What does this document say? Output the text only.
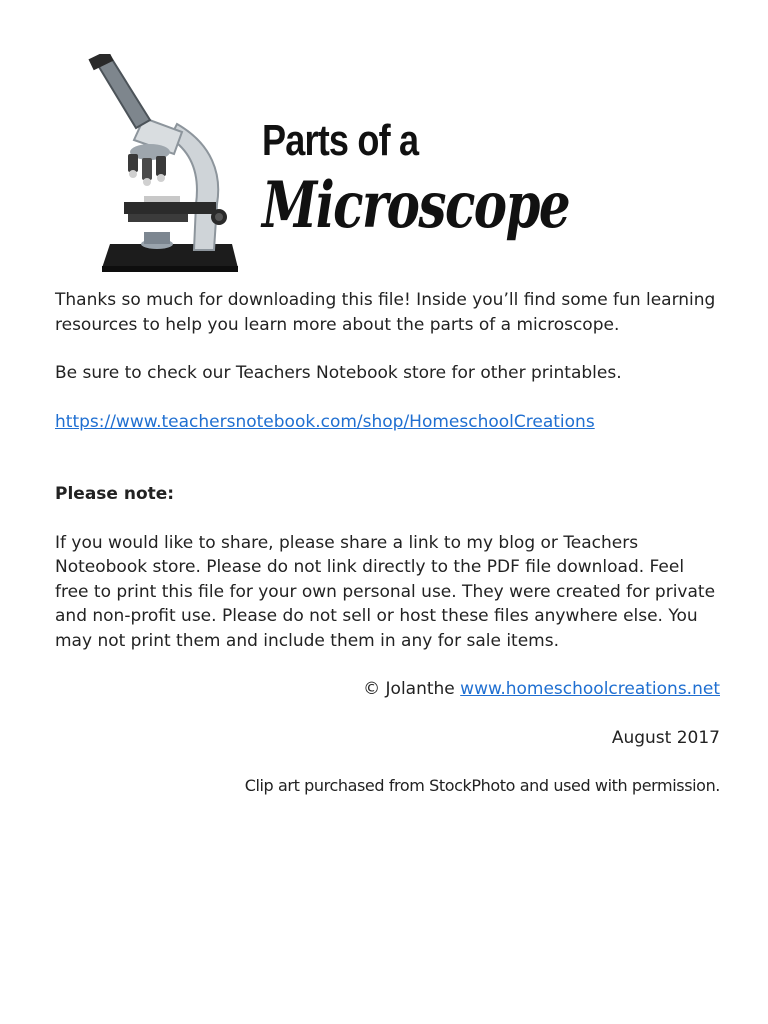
Parts of a
Microscope

Thanks so much for downloading this file! Inside you’ll find some fun learning resources to help you learn more about the parts of a microscope.

Be sure to check our Teachers Notebook store for other printables.

https://www.teachersnotebook.com/shop/HomeschoolCreations

Please note:

If you would like to share, please share a link to my blog or Teachers Noteobook store. Please do not link directly to the PDF file download. Feel free to print this file for your own personal use. They were created for private and non-profit use. Please do not sell or host these files anywhere else. You may not print them and include them in any for sale items.

© Jolanthe www.homeschoolcreations.net

August 2017

Clip art purchased from StockPhoto and used with permission.
